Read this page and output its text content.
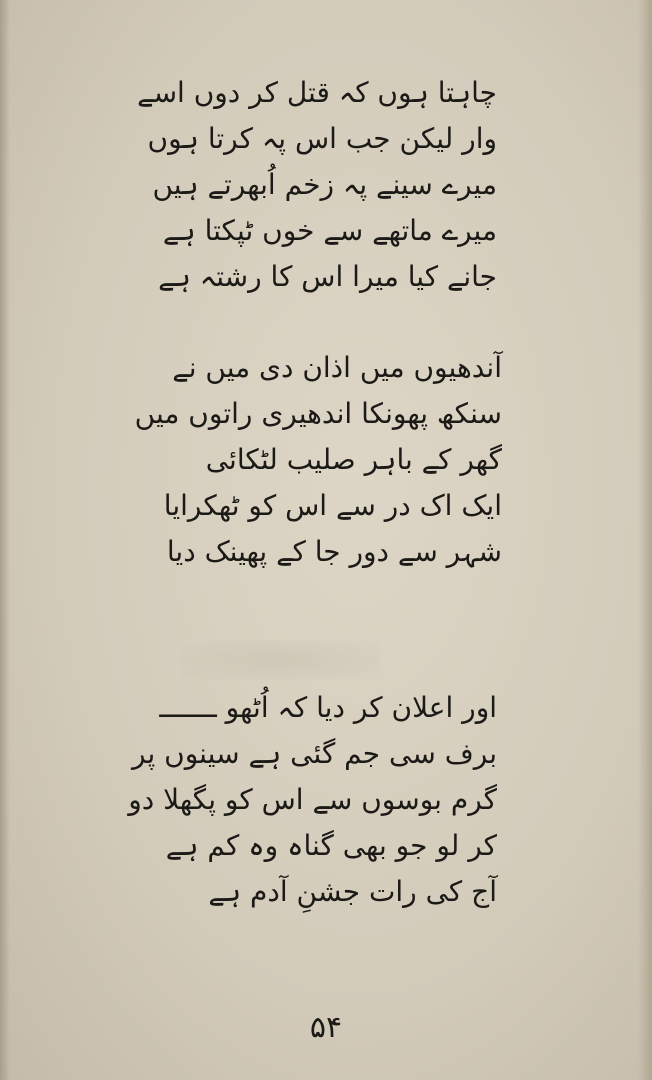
چاہتا ہوں کہ قتل کر دوں اسے
وار لیکن جب اس پہ کرتا ہوں
میرے سینے پہ زخم اُبھرتے ہیں
میرے ماتھے سے خوں ٹپکتا ہے
جانے کیا میرا اس کا رشتہ ہے
آندھیوں میں اذان دی میں نے
سنکھ پھونکا اندھیری راتوں میں
گھر کے باہر صلیب لٹکائی
ایک اک در سے اس کو ٹھکرایا
شہر سے دور جا کے پھینک دیا
اور اعلان کر دیا کہ اُٹھو ـــــــ
برف سی جم گئی ہے سینوں پر
گرم بوسوں سے اس کو پگھلا دو
کر لو جو بھی گناہ وہ کم ہے
آج کی رات جشنِ آدم ہے
۵۴
